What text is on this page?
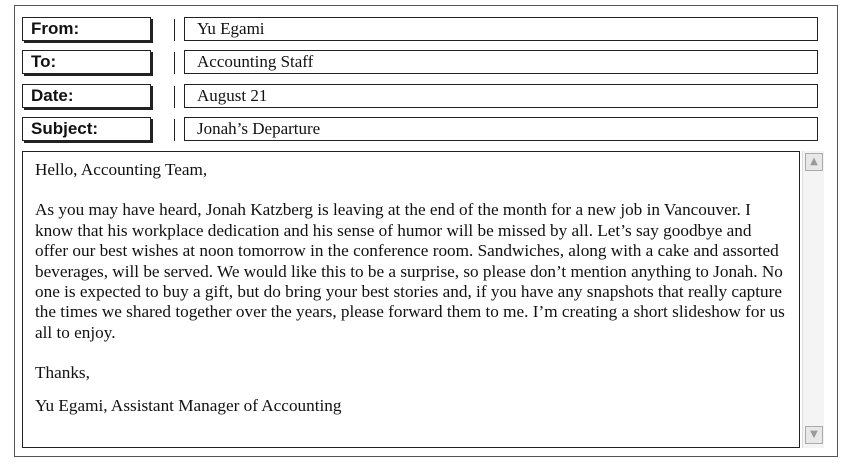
From:	Yu Egami
To:	Accounting Staff
Date:	August 21
Subject:	Jonah’s Departure

Hello, Accounting Team,

As you may have heard, Jonah Katzberg is leaving at the end of the month for a new job in Vancouver. I know that his workplace dedication and his sense of humor will be missed by all. Let’s say goodbye and offer our best wishes at noon tomorrow in the conference room. Sandwiches, along with a cake and assorted beverages, will be served. We would like this to be a surprise, so please don’t mention anything to Jonah. No one is expected to buy a gift, but do bring your best stories and, if you have any snapshots that really capture the times we shared together over the years, please forward them to me. I’m creating a short slideshow for us all to enjoy.

Thanks,

Yu Egami, Assistant Manager of Accounting

▲
▼
